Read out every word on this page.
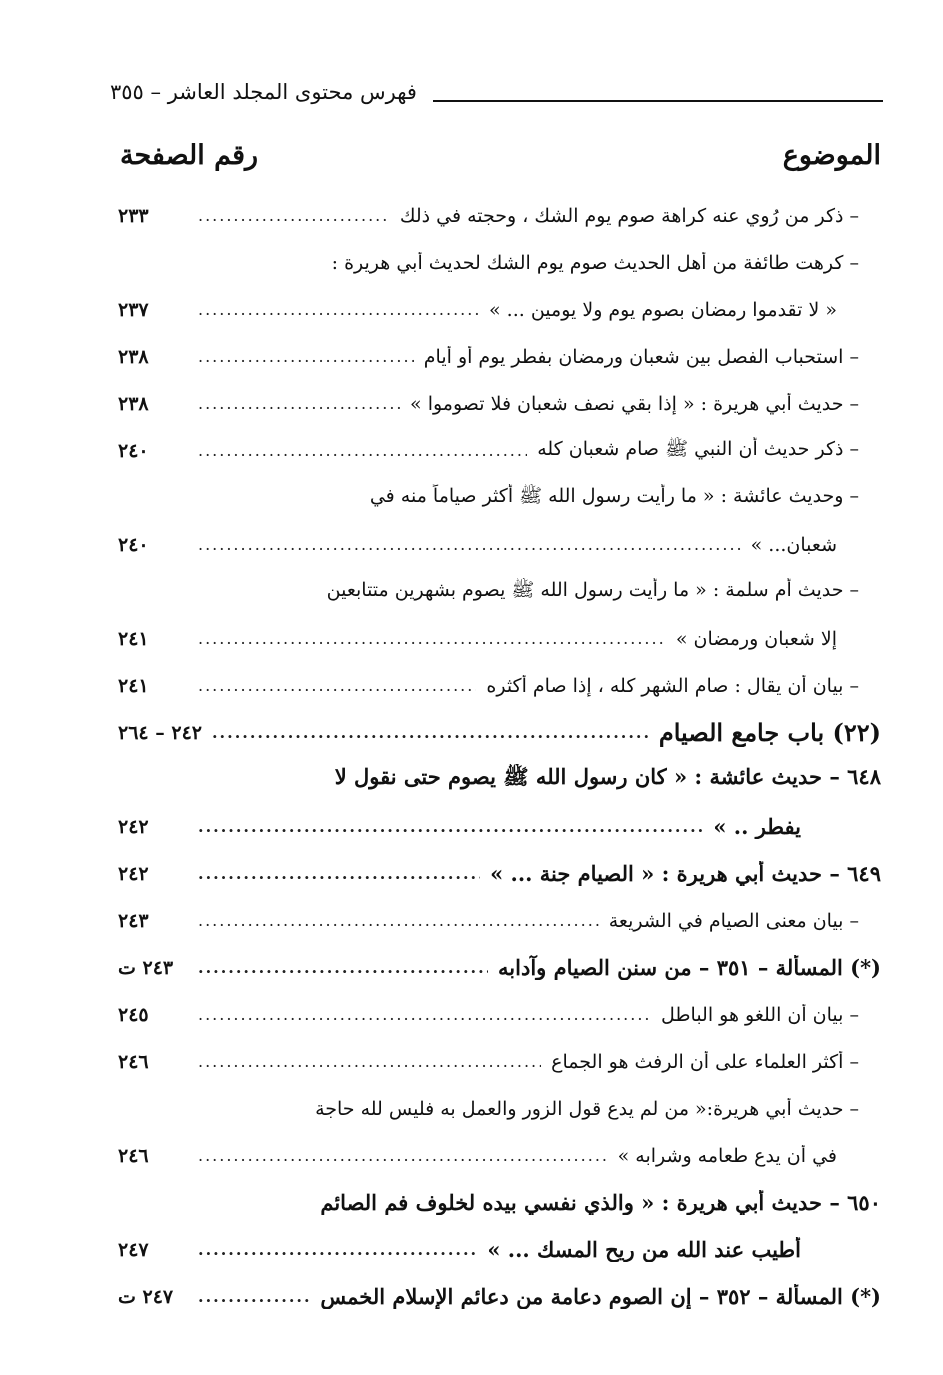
فهرس محتوى المجلد العاشر – ٣٥٥
الموضوع
رقم الصفحة
– ذكر من رُوي عنه كراهة صوم يوم الشك ، وحجته في ذلك
.....
٢٣٣
– كرهت طائفة من أهل الحديث صوم يوم الشك لحديث أبي هريرة :
« لا تقدموا رمضان بصوم يوم ولا يومين ... »
.....
٢٣٧
– استحباب الفصل بين شعبان ورمضان بفطر يوم أو أيام
.....
٢٣٨
– حديث أبي هريرة : « إذا بقي نصف شعبان فلا تصوموا »
.....
٢٣٨
– ذكر حديث أن النبي ﷺ صام شعبان كله
.....
٢٤٠
– وحديث عائشة : « ما رأيت رسول الله ﷺ أكثر صياماً منه في
شعبان... »
.....
٢٤٠
– حديث أم سلمة : « ما رأيت رسول الله ﷺ يصوم بشهرين متتابعين
إلا شعبان ورمضان »
.....
٢٤١
– بيان أن يقال : صام الشهر كله ، إذا صام أكثره
.....
٢٤١
(٢٢) باب جامع الصيام
.....
٢٤٢ – ٢٦٤
٦٤٨ – حديث عائشة : « كان رسول الله ﷺ يصوم حتى نقول لا
يفطر .. »
.....
٢٤٢
٦٤٩ – حديث أبي هريرة : « الصيام جنة ... »
.....
٢٤٢
– بيان معنى الصيام في الشريعة
.....
٢٤٣
(*) المسألة – ٣٥١ – من سنن الصيام وآدابه
.....
٢٤٣ ت
– بيان أن اللغو هو الباطل
.....
٢٤٥
– أكثر العلماء على أن الرفث هو الجماع
.....
٢٤٦
– حديث أبي هريرة:« من لم يدع قول الزور والعمل به فليس لله حاجة
في أن يدع طعامه وشرابه »
.....
٢٤٦
٦٥٠ – حديث أبي هريرة : « والذي نفسي بيده لخلوف فم الصائم
أطيب عند الله من ريح المسك ... »
.....
٢٤٧
(*) المسألة – ٣٥٢ – إن الصوم دعامة من دعائم الإسلام الخمس
.....
٢٤٧ ت
